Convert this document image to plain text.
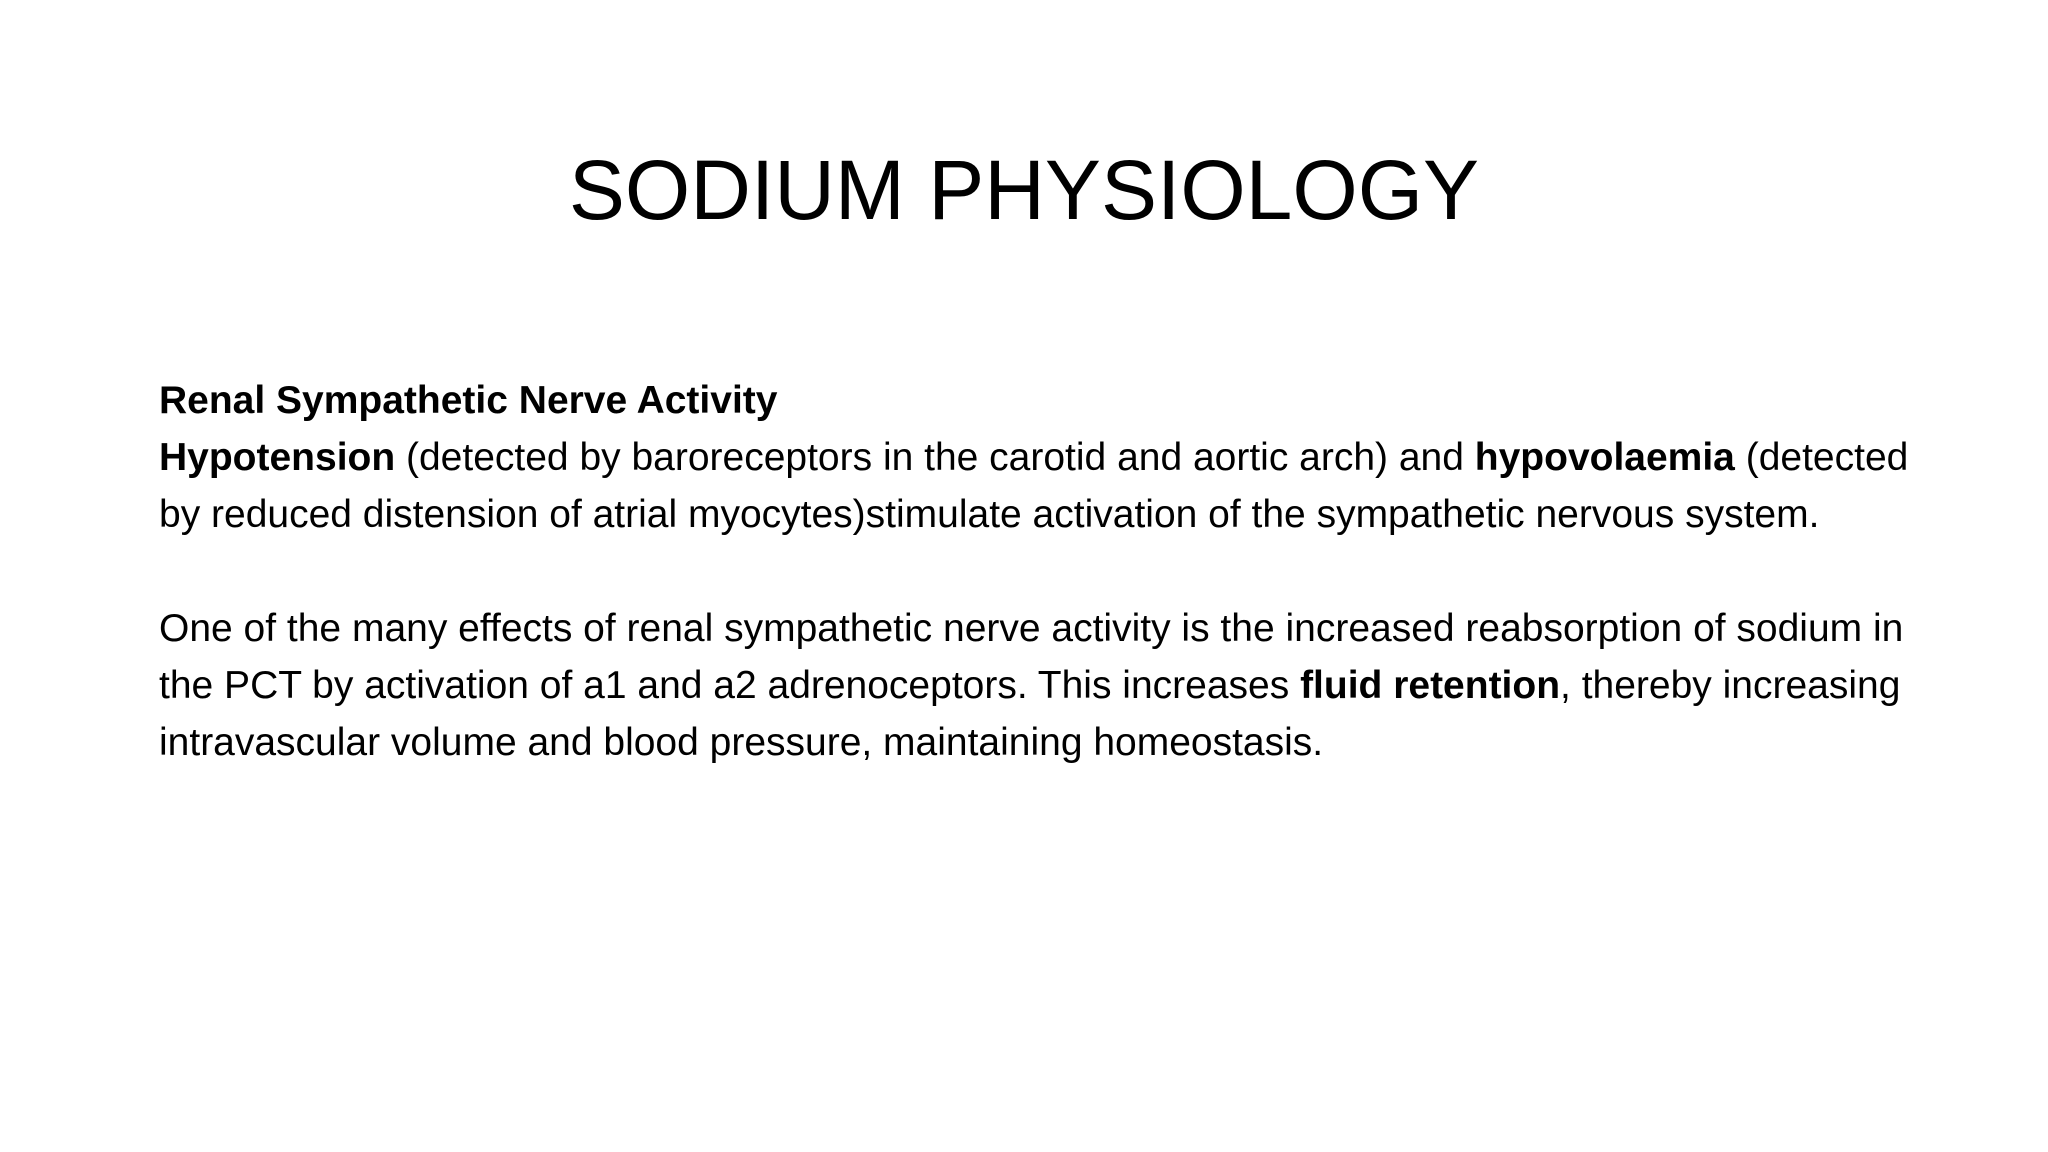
SODIUM PHYSIOLOGY

Renal Sympathetic Nerve Activity
Hypotension (detected by baroreceptors in the carotid and aortic arch) and hypovolaemia (detected by reduced distension of atrial myocytes)stimulate activation of the sympathetic nervous system.

One of the many effects of renal sympathetic nerve activity is the increased reabsorption of sodium in the PCT by activation of a1 and a2 adrenoceptors. This increases fluid retention, thereby increasing intravascular volume and blood pressure, maintaining homeostasis.
